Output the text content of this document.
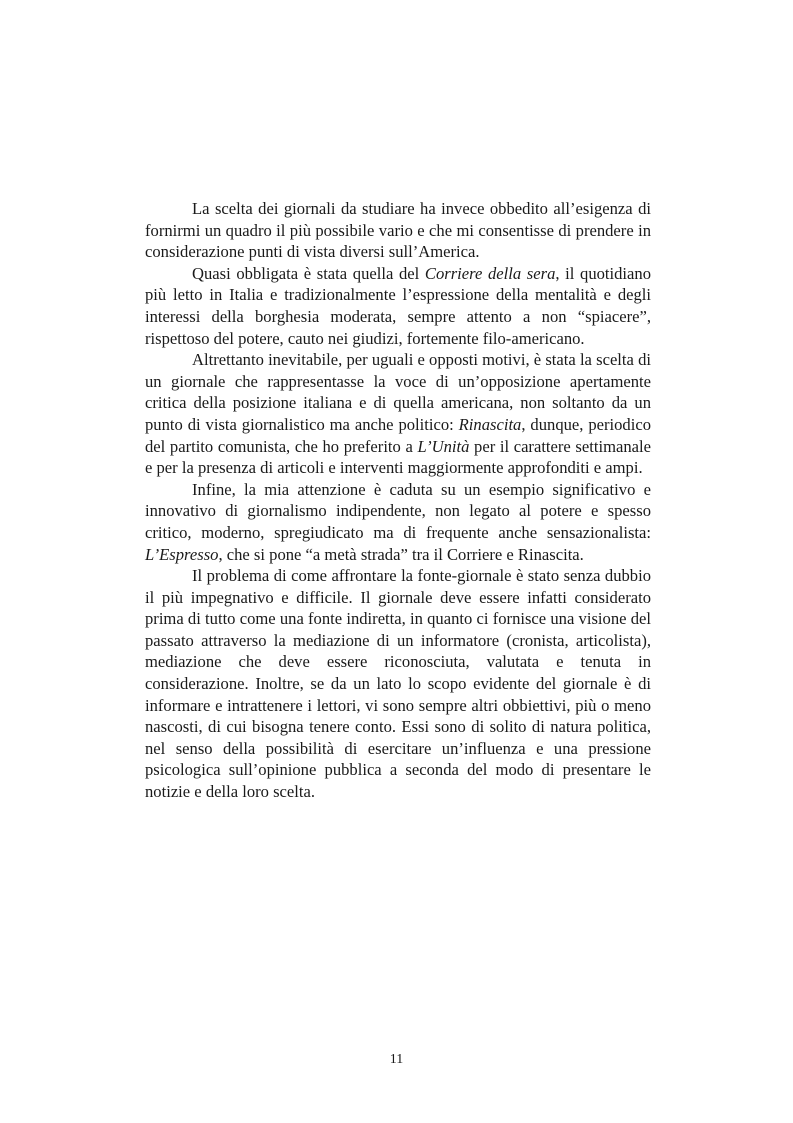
La scelta dei giornali da studiare ha invece obbedito all’esigenza di fornirmi un quadro il più possibile vario e che mi consentisse di prendere in considerazione punti di vista diversi sull’America.

Quasi obbligata è stata quella del Corriere della sera, il quotidiano più letto in Italia e tradizionalmente l’espressione della mentalità e degli interessi della borghesia moderata, sempre attento a non “spiacere”, rispettoso del potere, cauto nei giudizi, fortemente filo-americano.

Altrettanto inevitabile, per uguali e opposti motivi, è stata la scelta di un giornale che rappresentasse la voce di un’opposizione apertamente critica della posizione italiana e di quella americana, non soltanto da un punto di vista giornalistico ma anche politico: Rinascita, dunque, periodico del partito comunista, che ho preferito a L’Unità per il carattere settimanale e per la presenza di articoli e interventi maggiormente approfonditi e ampi.

Infine, la mia attenzione è caduta su un esempio significativo e innovativo di giornalismo indipendente, non legato al potere e spesso critico, moderno, spregiudicato ma di frequente anche sensazionalista: L’Espresso, che si pone “a metà strada” tra il Corriere e Rinascita.

Il problema di come affrontare la fonte-giornale è stato senza dubbio il più impegnativo e difficile. Il giornale deve essere infatti considerato prima di tutto come una fonte indiretta, in quanto ci fornisce una visione del passato attraverso la mediazione di un informatore (cronista, articolista), mediazione che deve essere riconosciuta, valutata e tenuta in considerazione. Inoltre, se da un lato lo scopo evidente del giornale è di informare e intrattenere i lettori, vi sono sempre altri obbiettivi, più o meno nascosti, di cui bisogna tenere conto. Essi sono di solito di natura politica, nel senso della possibilità di esercitare un’influenza e una pressione psicologica sull’opinione pubblica a seconda del modo di presentare le notizie e della loro scelta.

11
